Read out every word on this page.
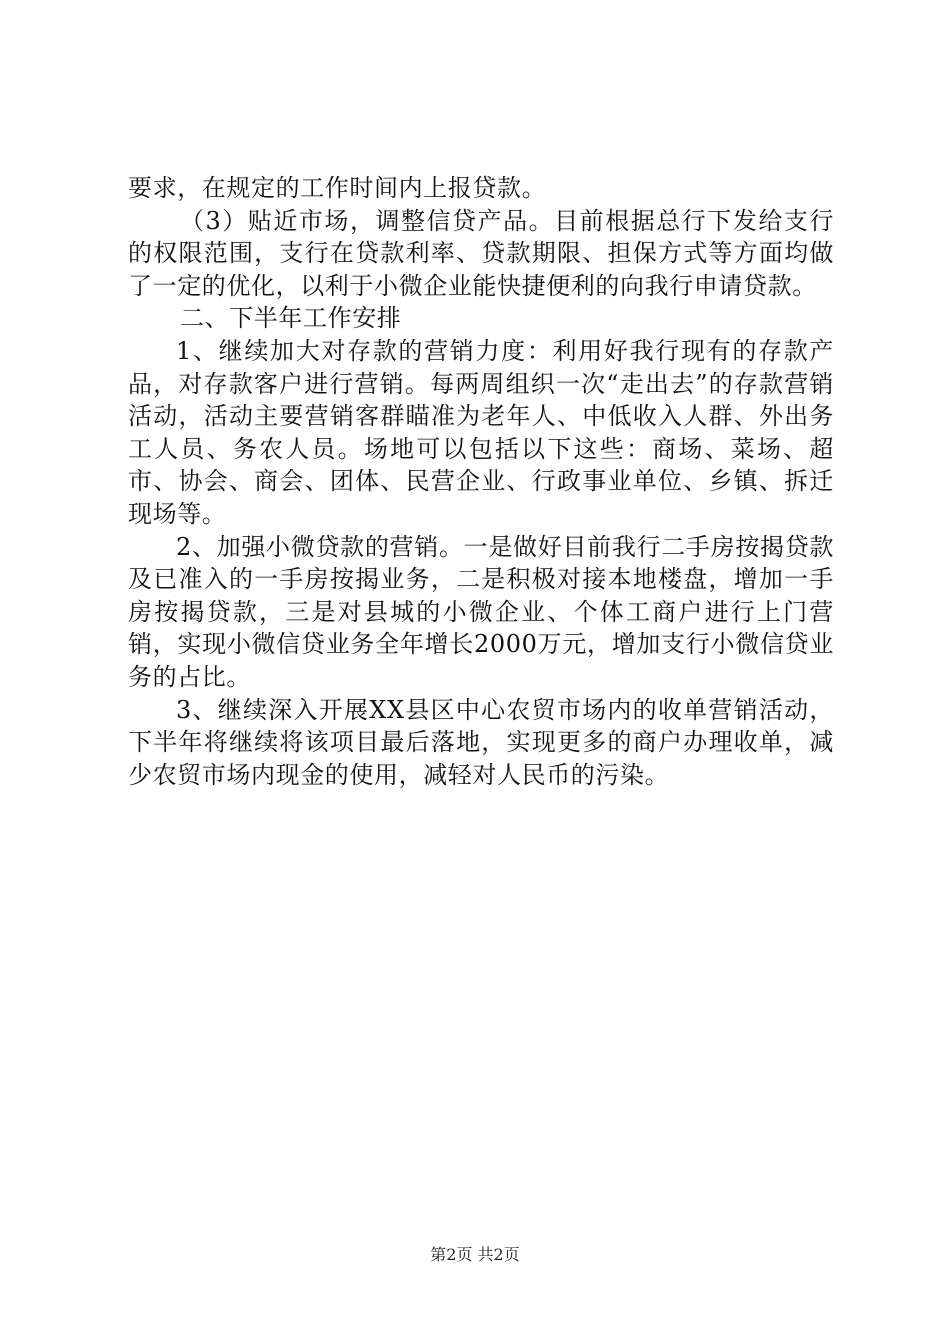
要求，在规定的工作时间内上报贷款。

（3）贴近市场，调整信贷产品。目前根据总行下发给支行的权限范围，支行在贷款利率、贷款期限、担保方式等方面均做了一定的优化，以利于小微企业能快捷便利的向我行申请贷款。

二、下半年工作安排

1、继续加大对存款的营销力度：利用好我行现有的存款产品，对存款客户进行营销。每两周组织一次“走出去”的存款营销活动，活动主要营销客群瞄准为老年人、中低收入人群、外出务工人员、务农人员。场地可以包括以下这些：商场、菜场、超市、协会、商会、团体、民营企业、行政事业单位、乡镇、拆迁现场等。

2、加强小微贷款的营销。一是做好目前我行二手房按揭贷款及已准入的一手房按揭业务，二是积极对接本地楼盘，增加一手房按揭贷款，三是对县城的小微企业、个体工商户进行上门营销，实现小微信贷业务全年增长2000万元，增加支行小微信贷业务的占比。

3、继续深入开展XX县区中心农贸市场内的收单营销活动，下半年将继续将该项目最后落地，实现更多的商户办理收单，减少农贸市场内现金的使用，减轻对人民币的污染。

第2页 共2页
